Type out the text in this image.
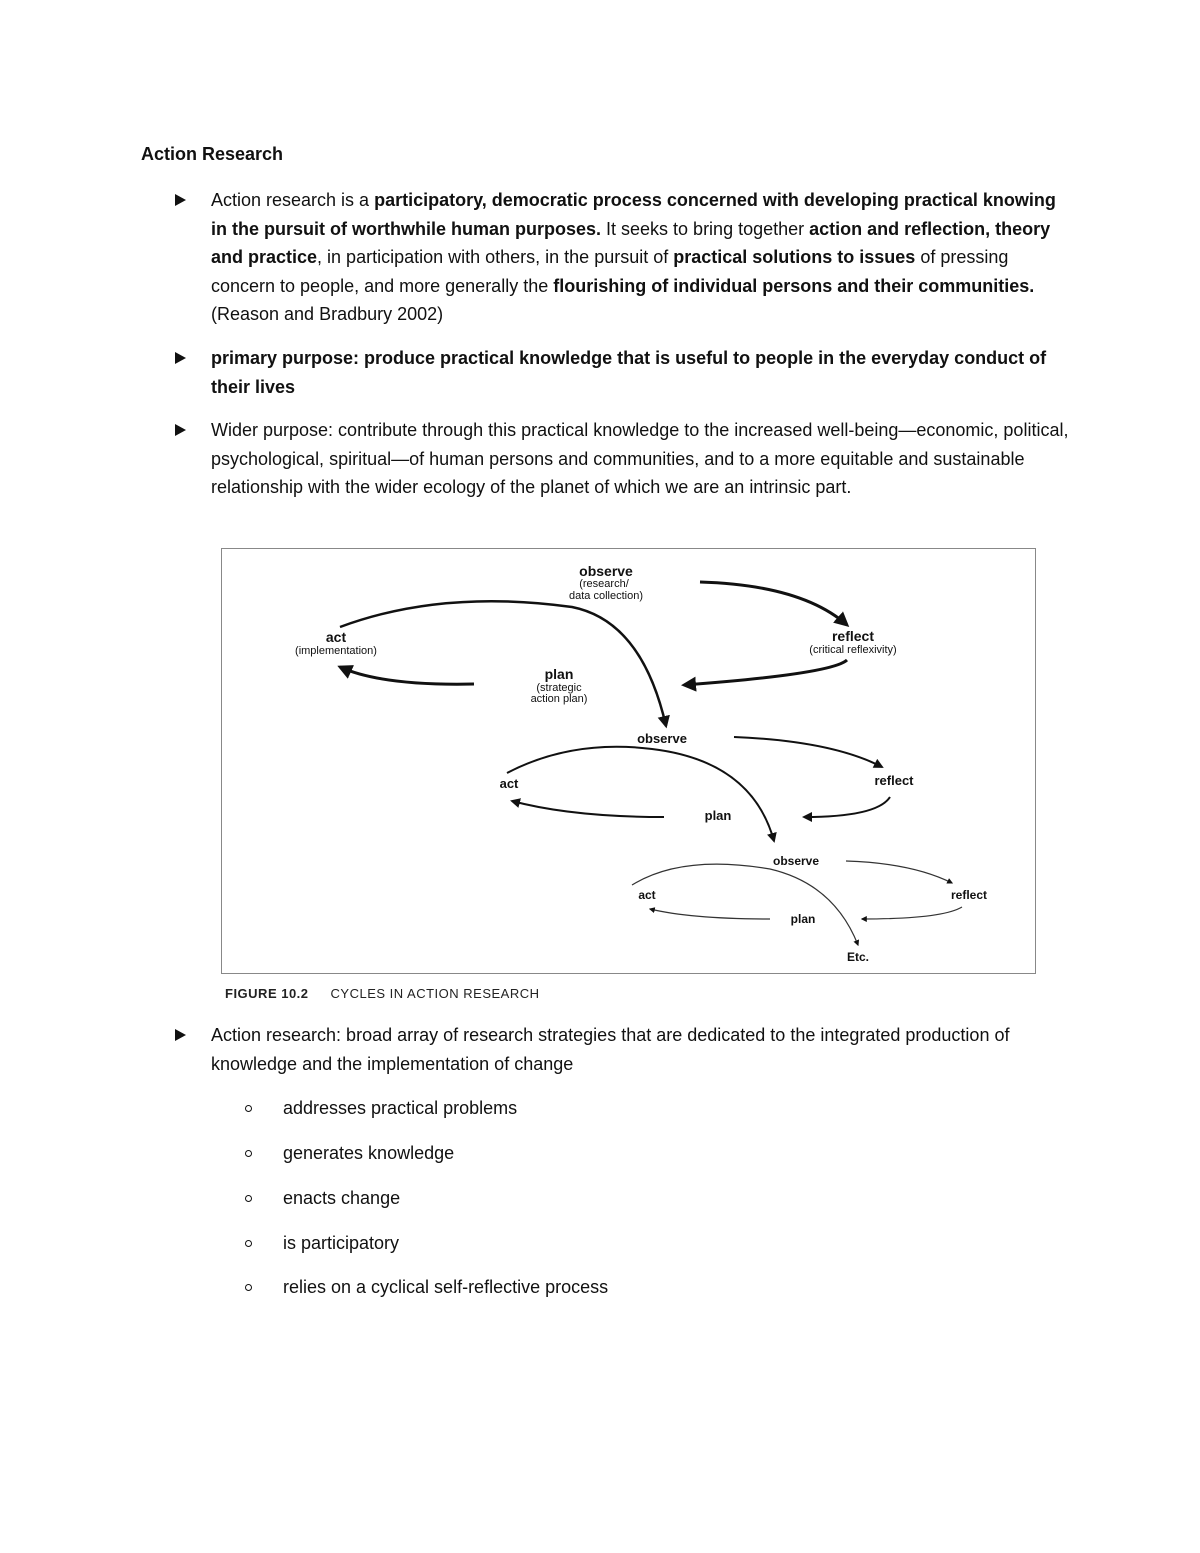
Action Research
Action research is a participatory, democratic process concerned with developing practical knowing in the pursuit of worthwhile human purposes. It seeks to bring together action and reflection, theory and practice, in participation with others, in the pursuit of practical solutions to issues of pressing concern to people, and more generally the flourishing of individual persons and their communities. (Reason and Bradbury 2002)
primary purpose: produce practical knowledge that is useful to people in the everyday conduct of their lives
Wider purpose: contribute through this practical knowledge to the increased well-being—economic, political, psychological, spiritual—of human persons and communities, and to a more equitable and sustainable relationship with the wider ecology of the planet of which we are an intrinsic part.
observe
(research/
data collection)
reflect
(critical reflexivity)
plan
(strategic
action plan)
act
(implementation)
observe
reflect
plan
act
observe
reflect
plan
act
Etc.
FIGURE 10.2 CYCLES IN ACTION RESEARCH
Action research: broad array of research strategies that are dedicated to the integrated production of knowledge and the implementation of change
addresses practical problems
generates knowledge
enacts change
is participatory
relies on a cyclical self-reflective process
